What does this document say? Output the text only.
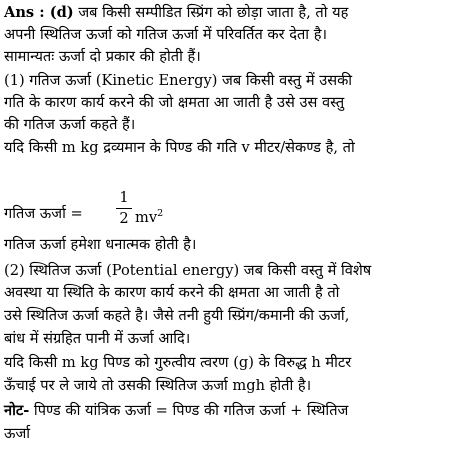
Ans : (d) जब किसी सम्पीडित स्प्रिंग को छोड़ा जाता है, तो यह
अपनी स्थितिज ऊर्जा को गतिज ऊर्जा में परिवर्तित कर देता है।
सामान्यतः ऊर्जा दो प्रकार की होती हैं।
(1) गतिज ऊर्जा (Kinetic Energy) जब किसी वस्तु में उसकी
गति के कारण कार्य करने की जो क्षमता आ जाती है उसे उस वस्तु
की गतिज ऊर्जा कहते हैं।
यदि किसी m kg द्रव्यमान के पिण्ड की गति v मीटर/सेकण्ड है, तो
गतिज ऊर्जा =
1
2 $mv^2$
गतिज ऊर्जा हमेशा धनात्मक होती है।
(2) स्थितिज ऊर्जा (Potential energy) जब किसी वस्तु में विशेष
अवस्था या स्थिति के कारण कार्य करने की क्षमता आ जाती है तो
उसे स्थितिज ऊर्जा कहते है। जैसे तनी हुयी स्प्रिंग/कमानी की ऊर्जा,
बांध में संग्रहित पानी में ऊर्जा आदि।
यदि किसी m kg पिण्ड को गुरुत्वीय त्वरण (g) के विरुद्ध h मीटर
ऊँचाई पर ले जाये तो उसकी स्थितिज ऊर्जा mgh होती है।
नोट- पिण्ड की यांत्रिक ऊर्जा = पिण्ड की गतिज ऊर्जा + स्थितिज
ऊर्जा
